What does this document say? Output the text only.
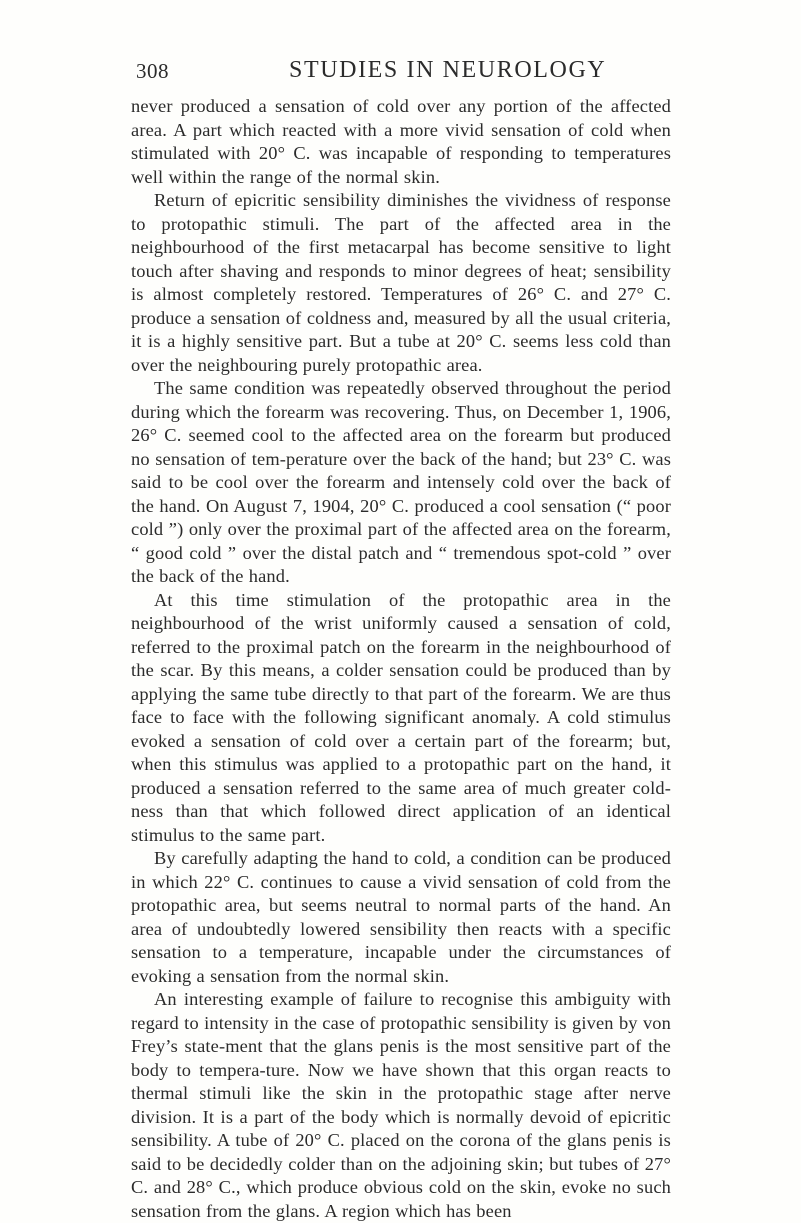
308	STUDIES IN NEUROLOGY

never produced a sensation of cold over any portion of the affected area. A part which reacted with a more vivid sensation of cold when stimulated with 20° C. was incapable of responding to temperatures well within the range of the normal skin.

Return of epicritic sensibility diminishes the vividness of response to protopathic stimuli. The part of the affected area in the neighbourhood of the first metacarpal has become sensitive to light touch after shaving and responds to minor degrees of heat; sensibility is almost completely restored. Temperatures of 26° C. and 27° C. produce a sensation of coldness and, measured by all the usual criteria, it is a highly sensitive part. But a tube at 20° C. seems less cold than over the neighbouring purely protopathic area.

The same condition was repeatedly observed throughout the period during which the forearm was recovering. Thus, on December 1, 1906, 26° C. seemed cool to the affected area on the forearm but produced no sensation of tem-perature over the back of the hand; but 23° C. was said to be cool over the forearm and intensely cold over the back of the hand. On August 7, 1904, 20° C. produced a cool sensation (“ poor cold ”) only over the proximal part of the affected area on the forearm, “ good cold ” over the distal patch and “ tremendous spot-cold ” over the back of the hand.

At this time stimulation of the protopathic area in the neighbourhood of the wrist uniformly caused a sensation of cold, referred to the proximal patch on the forearm in the neighbourhood of the scar. By this means, a colder sensation could be produced than by applying the same tube directly to that part of the forearm. We are thus face to face with the following significant anomaly. A cold stimulus evoked a sensation of cold over a certain part of the forearm; but, when this stimulus was applied to a protopathic part on the hand, it produced a sensation referred to the same area of much greater cold-ness than that which followed direct application of an identical stimulus to the same part.

By carefully adapting the hand to cold, a condition can be produced in which 22° C. continues to cause a vivid sensation of cold from the protopathic area, but seems neutral to normal parts of the hand. An area of undoubtedly lowered sensibility then reacts with a specific sensation to a temperature, incapable under the circumstances of evoking a sensation from the normal skin.

An interesting example of failure to recognise this ambiguity with regard to intensity in the case of protopathic sensibility is given by von Frey’s state-ment that the glans penis is the most sensitive part of the body to tempera-ture. Now we have shown that this organ reacts to thermal stimuli like the skin in the protopathic stage after nerve division. It is a part of the body which is normally devoid of epicritic sensibility. A tube of 20° C. placed on the corona of the glans penis is said to be decidedly colder than on the adjoining skin; but tubes of 27° C. and 28° C., which produce obvious cold on the skin, evoke no such sensation from the glans. A region which has been
